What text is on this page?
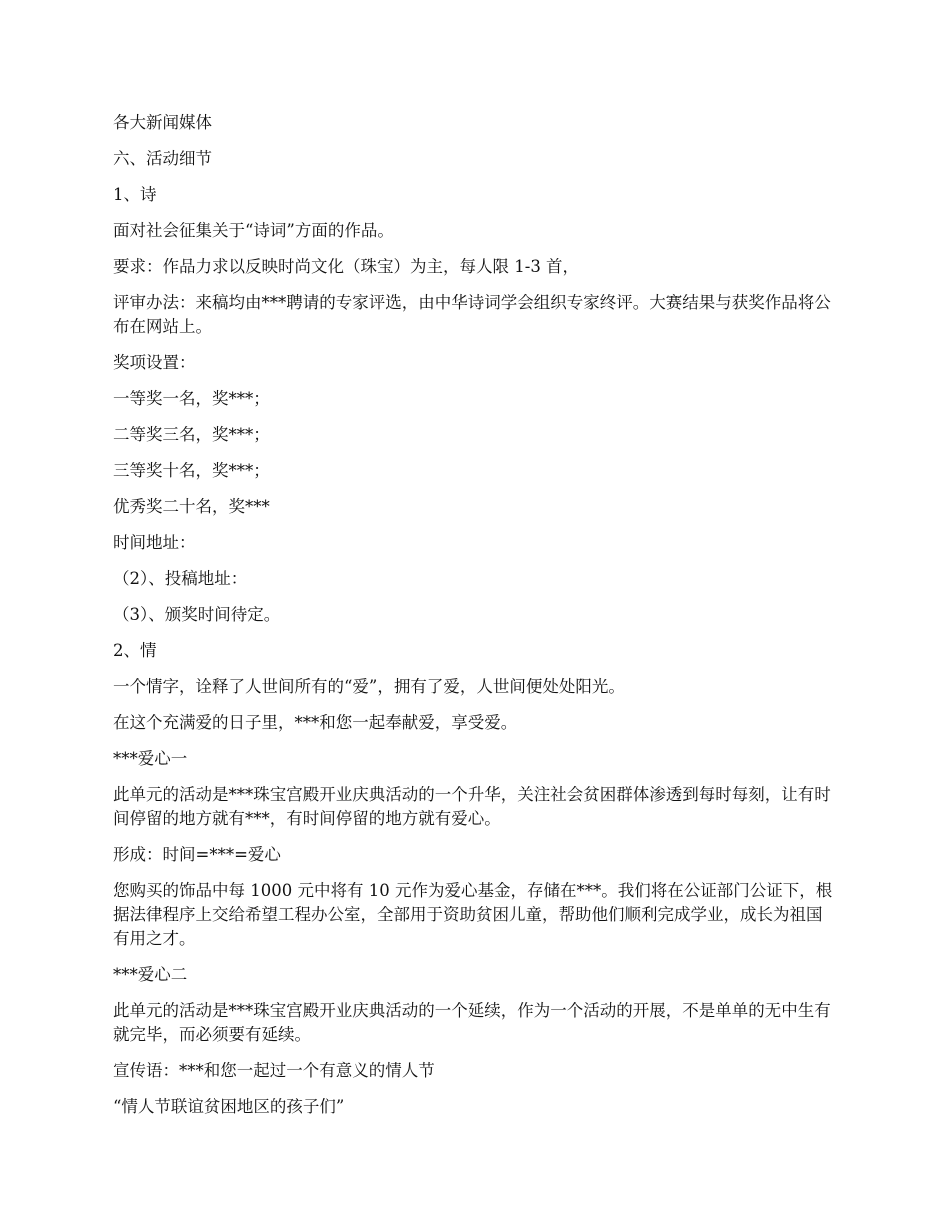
各大新闻媒体

六、活动细节

1、诗

面对社会征集关于“诗词”方面的作品。

要求：作品力求以反映时尚文化（珠宝）为主，每人限 1-3 首，

评审办法：来稿均由***聘请的专家评选，由中华诗词学会组织专家终评。大赛结果与获奖作品将公布在网站上。

奖项设置：

一等奖一名，奖***；

二等奖三名，奖***；

三等奖十名，奖***；

优秀奖二十名，奖***

时间地址：

（2）、投稿地址：

（3）、颁奖时间待定。

2、情

一个情字，诠释了人世间所有的“爱”，拥有了爱，人世间便处处阳光。

在这个充满爱的日子里，***和您一起奉献爱，享受爱。

***爱心一

此单元的活动是***珠宝宫殿开业庆典活动的一个升华，关注社会贫困群体渗透到每时每刻，让有时间停留的地方就有***，有时间停留的地方就有爱心。

形成：时间=***=爱心

您购买的饰品中每 1000 元中将有 10 元作为爱心基金，存储在***。我们将在公证部门公证下，根据法律程序上交给希望工程办公室，全部用于资助贫困儿童，帮助他们顺利完成学业，成长为祖国有用之才。

***爱心二

此单元的活动是***珠宝宫殿开业庆典活动的一个延续，作为一个活动的开展，不是单单的无中生有就完毕，而必须要有延续。

宣传语：***和您一起过一个有意义的情人节

“情人节联谊贫困地区的孩子们”
